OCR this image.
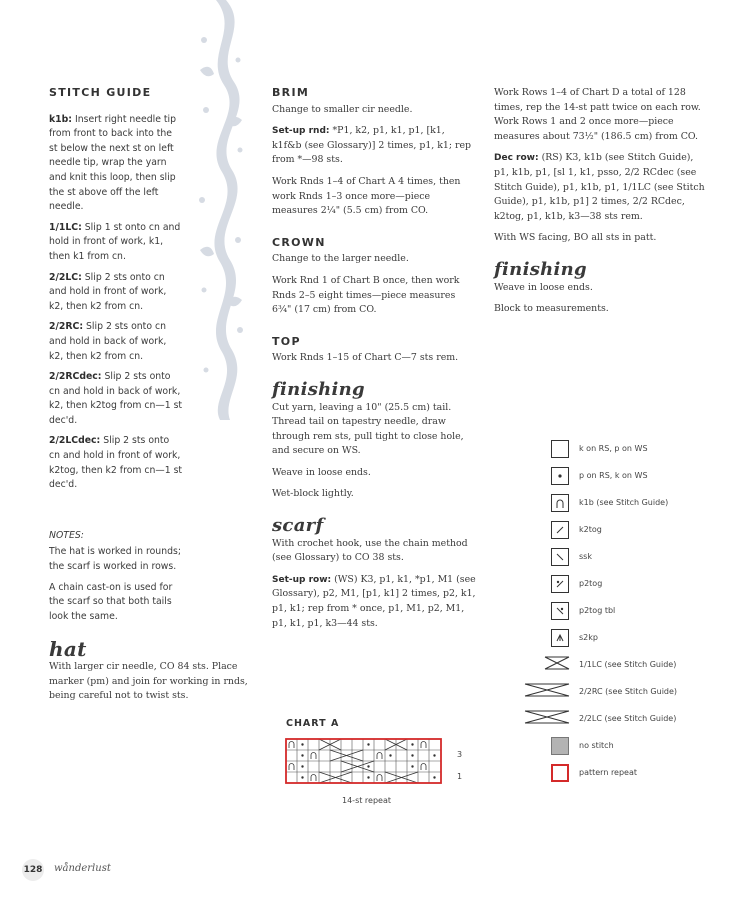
STITCH GUIDE

k1b: Insert right needle tip from front to back into the st below the next st on left needle tip, wrap the yarn and knit this loop, then slip the st above off the left needle.

1/1LC: Slip 1 st onto cn and hold in front of work, k1, then k1 from cn.

2/2LC: Slip 2 sts onto cn and hold in front of work, k2, then k2 from cn.

2/2RC: Slip 2 sts onto cn and hold in back of work, k2, then k2 from cn.

2/2RCdec: Slip 2 sts onto cn and hold in back of work, k2, then k2tog from cn—1 st dec'd.

2/2LCdec: Slip 2 sts onto cn and hold in front of work, k2tog, then k2 from cn—1 st dec'd.

NOTES:

The hat is worked in rounds; the scarf is worked in rows.

A chain cast-on is used for the scarf so that both tails look the same.

hat

With larger cir needle, CO 84 sts. Place marker (pm) and join for working in rnds, being careful not to twist sts.

BRIM

Change to smaller cir needle.

Set-up rnd: *P1, k2, p1, k1, p1, [k1, k1f&b (see Glossary)] 2 times, p1, k1; rep from *—98 sts.

Work Rnds 1–4 of Chart A 4 times, then work Rnds 1–3 once more—piece measures 2¼" (5.5 cm) from CO.

CROWN

Change to the larger needle.

Work Rnd 1 of Chart B once, then work Rnds 2–5 eight times—piece measures 6¾" (17 cm) from CO.

TOP

Work Rnds 1–15 of Chart C—7 sts rem.

finishing

Cut yarn, leaving a 10" (25.5 cm) tail. Thread tail on tapestry needle, draw through rem sts, pull tight to close hole, and secure on WS.

Weave in loose ends.

Wet-block lightly.

scarf

With crochet hook, use the chain method (see Glossary) to CO 38 sts.

Set-up row: (WS) K3, p1, k1, *p1, M1 (see Glossary), p2, M1, [p1, k1] 2 times, p2, k1, p1, k1; rep from * once, p1, M1, p2, M1, p1, k1, p1, k3—44 sts.

Work Rows 1–4 of Chart D a total of 128 times, rep the 14-st patt twice on each row. Work Rows 1 and 2 once more—piece measures about 73½" (186.5 cm) from CO.

Dec row: (RS) K3, k1b (see Stitch Guide), p1, k1b, p1, [sl 1, k1, psso, 2/2 RCdec (see Stitch Guide), p1, k1b, p1, 1/1LC (see Stitch Guide), p1, k1b, p1] 2 times, 2/2 RCdec, k2tog, p1, k1b, k3—38 sts rem.

With WS facing, BO all sts in patt.

finishing

Weave in loose ends.

Block to measurements.

CHART A
3
1
14-st repeat
k on RS, p on WS
p on RS, k on WS
k1b (see Stitch Guide)
k2tog
ssk
p2tog
p2tog tbl
s2kp
1/1LC (see Stitch Guide)
2/2RC (see Stitch Guide)
2/2LC (see Stitch Guide)
no stitch
pattern repeat
128 wånderlust
